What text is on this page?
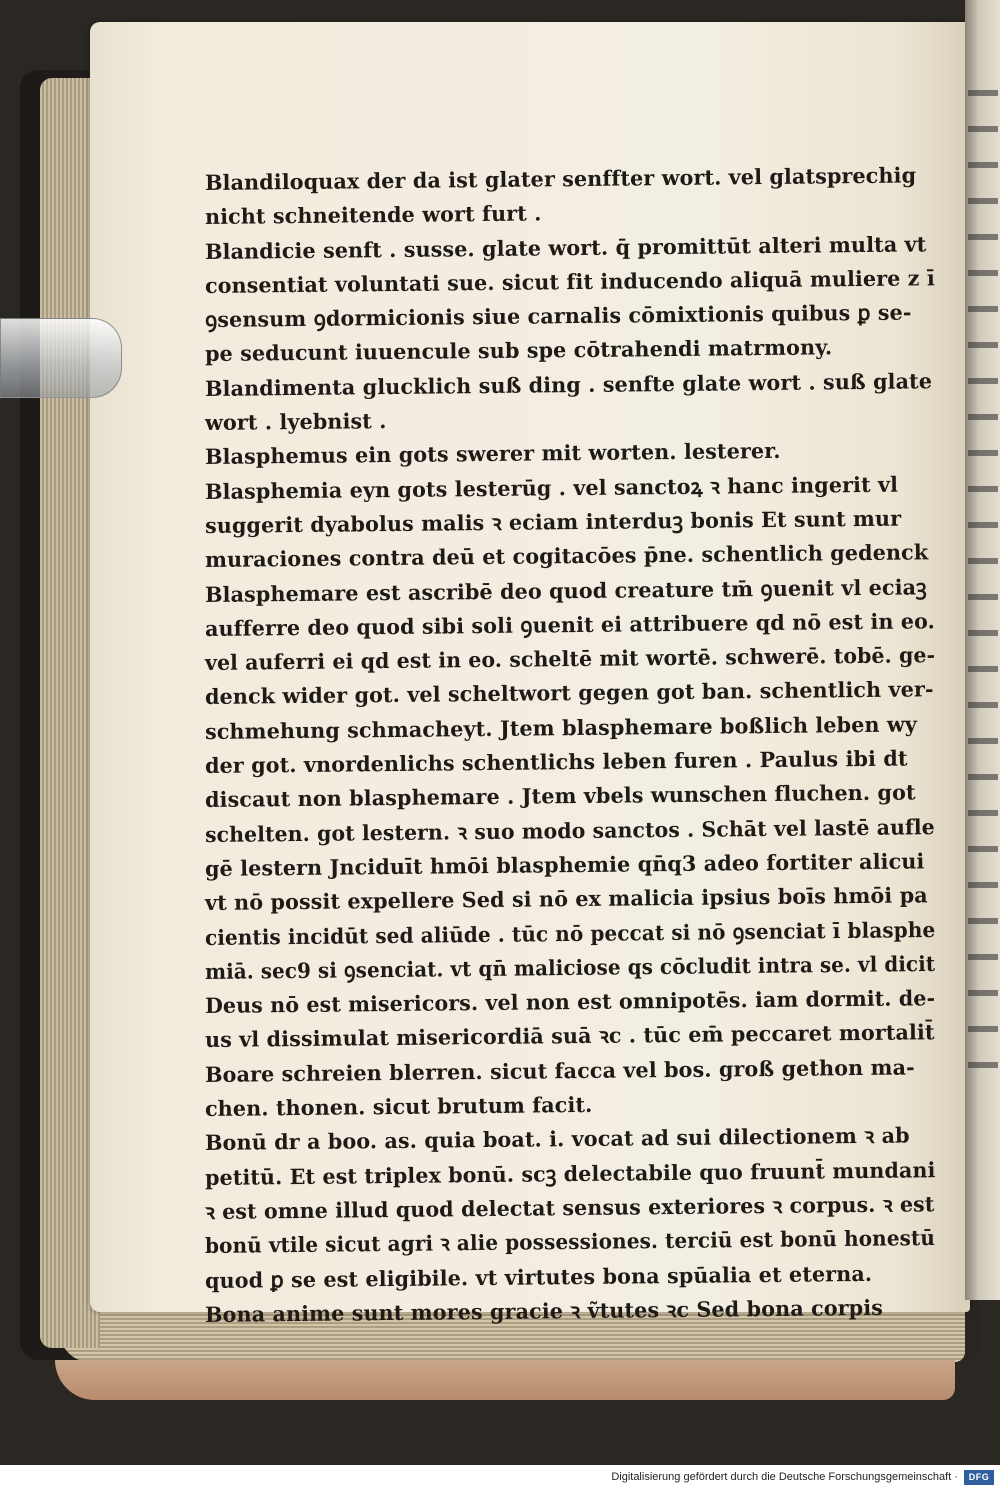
Blandiloquax der da ist glater senffter wort. vel glatsprechig
nicht schneitende wort furt .
Blandicie senft . susse. glate wort. q̄ promittūt alteri multa vt
consentiat voluntati sue. sicut fit inducendo aliquā muliere z ī
ꝯsensum ꝯdormicionis siue carnalis cōmixtionis quibus ꝑ se-
pe seducunt iuuencule sub spe cōtrahendi matrmony.
Blandimenta glucklich suß ding . senfte glate wort . suß glate
wort . lyebnist .
Blasphemus ein gots swerer mit worten. lesterer.
Blasphemia eyn gots lesterūg . vel sanctoꝝ ꝛ hanc ingerit vl
suggerit dyabolus malis ꝛ eciam interduꝫ bonis Et sunt mur
muraciones contra deū et cogitacōes p̄ne. schentlich gedenck
Blasphemare est ascribē deo quod creature tm̄ ꝯuenit vl eciaꝫ
aufferre deo quod sibi soli ꝯuenit ei attribuere qd nō est in eo.
vel auferri ei qd est in eo. scheltē mit wortē. schwerē. tobē. ge-
denck wider got. vel scheltwort gegen got ban. schentlich ver-
schmehung schmacheyt. Jtem blasphemare boßlich leben wy
der got. vnordenlichs schentlichs leben furen . Paulus ibi dt
discaut non blasphemare . Jtem vbels wunschen fluchen. got
schelten. got lestern. ꝛ suo modo sanctos . Schāt vel lastē aufle
gē lestern Jnciduīt hmōi blasphemie qn̄q3 adeo fortiter alicui
vt nō possit expellere Sed si nō ex malicia ipsius boīs hmōi pa
cientis incidūt sed aliūde . tūc nō peccat si nō ꝯsenciat ī blasphe
miā. sec9 si ꝯsenciat. vt qn̄ maliciose qs cōcludit intra se. vl dicit
Deus nō est misericors. vel non est omnipotēs. iam dormit. de-
us vl dissimulat misericordiā suā ꝛc . tūc em̄ peccaret mortalit̄
Boare schreien blerren. sicut facca vel bos. groß gethon ma-
chen. thonen. sicut brutum facit.
Bonū dr a boo. as. quia boat. i. vocat ad sui dilectionem ꝛ ab
petitū. Et est triplex bonū. scꝫ delectabile quo fruunt̄ mundani
ꝛ est omne illud quod delectat sensus exteriores ꝛ corpus. ꝛ est
bonū vtile sicut agri ꝛ alie possessiones. terciū est bonū honestū
quod ꝑ se est eligibile. vt virtutes bona spūalia et eterna.
Bona anime sunt mores gracie ꝛ ṽtutes ꝛc Sed bona corpis
Digitalisierung gefördert durch die Deutsche Forschungsgemeinschaft ·	DFG
